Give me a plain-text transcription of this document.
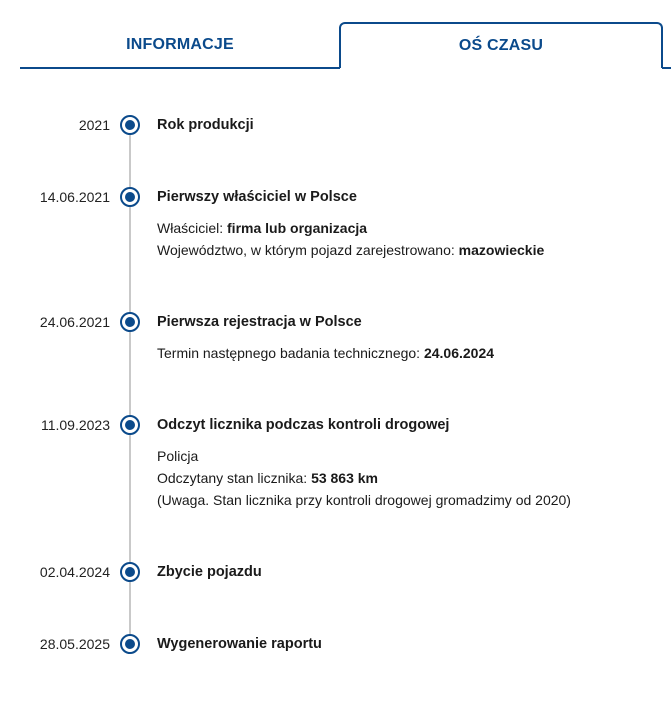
INFORMACJE	OŚ CZASU
2021	Rok produkcji
14.06.2021	Pierwszy właściciel w Polsce
Właściciel: firma lub organizacja
Województwo, w którym pojazd zarejestrowano: mazowieckie
24.06.2021	Pierwsza rejestracja w Polsce
Termin następnego badania technicznego: 24.06.2024
11.09.2023	Odczyt licznika podczas kontroli drogowej
Policja
Odczytany stan licznika: 53 863 km
(Uwaga. Stan licznika przy kontroli drogowej gromadzimy od 2020)
02.04.2024	Zbycie pojazdu
28.05.2025	Wygenerowanie raportu
